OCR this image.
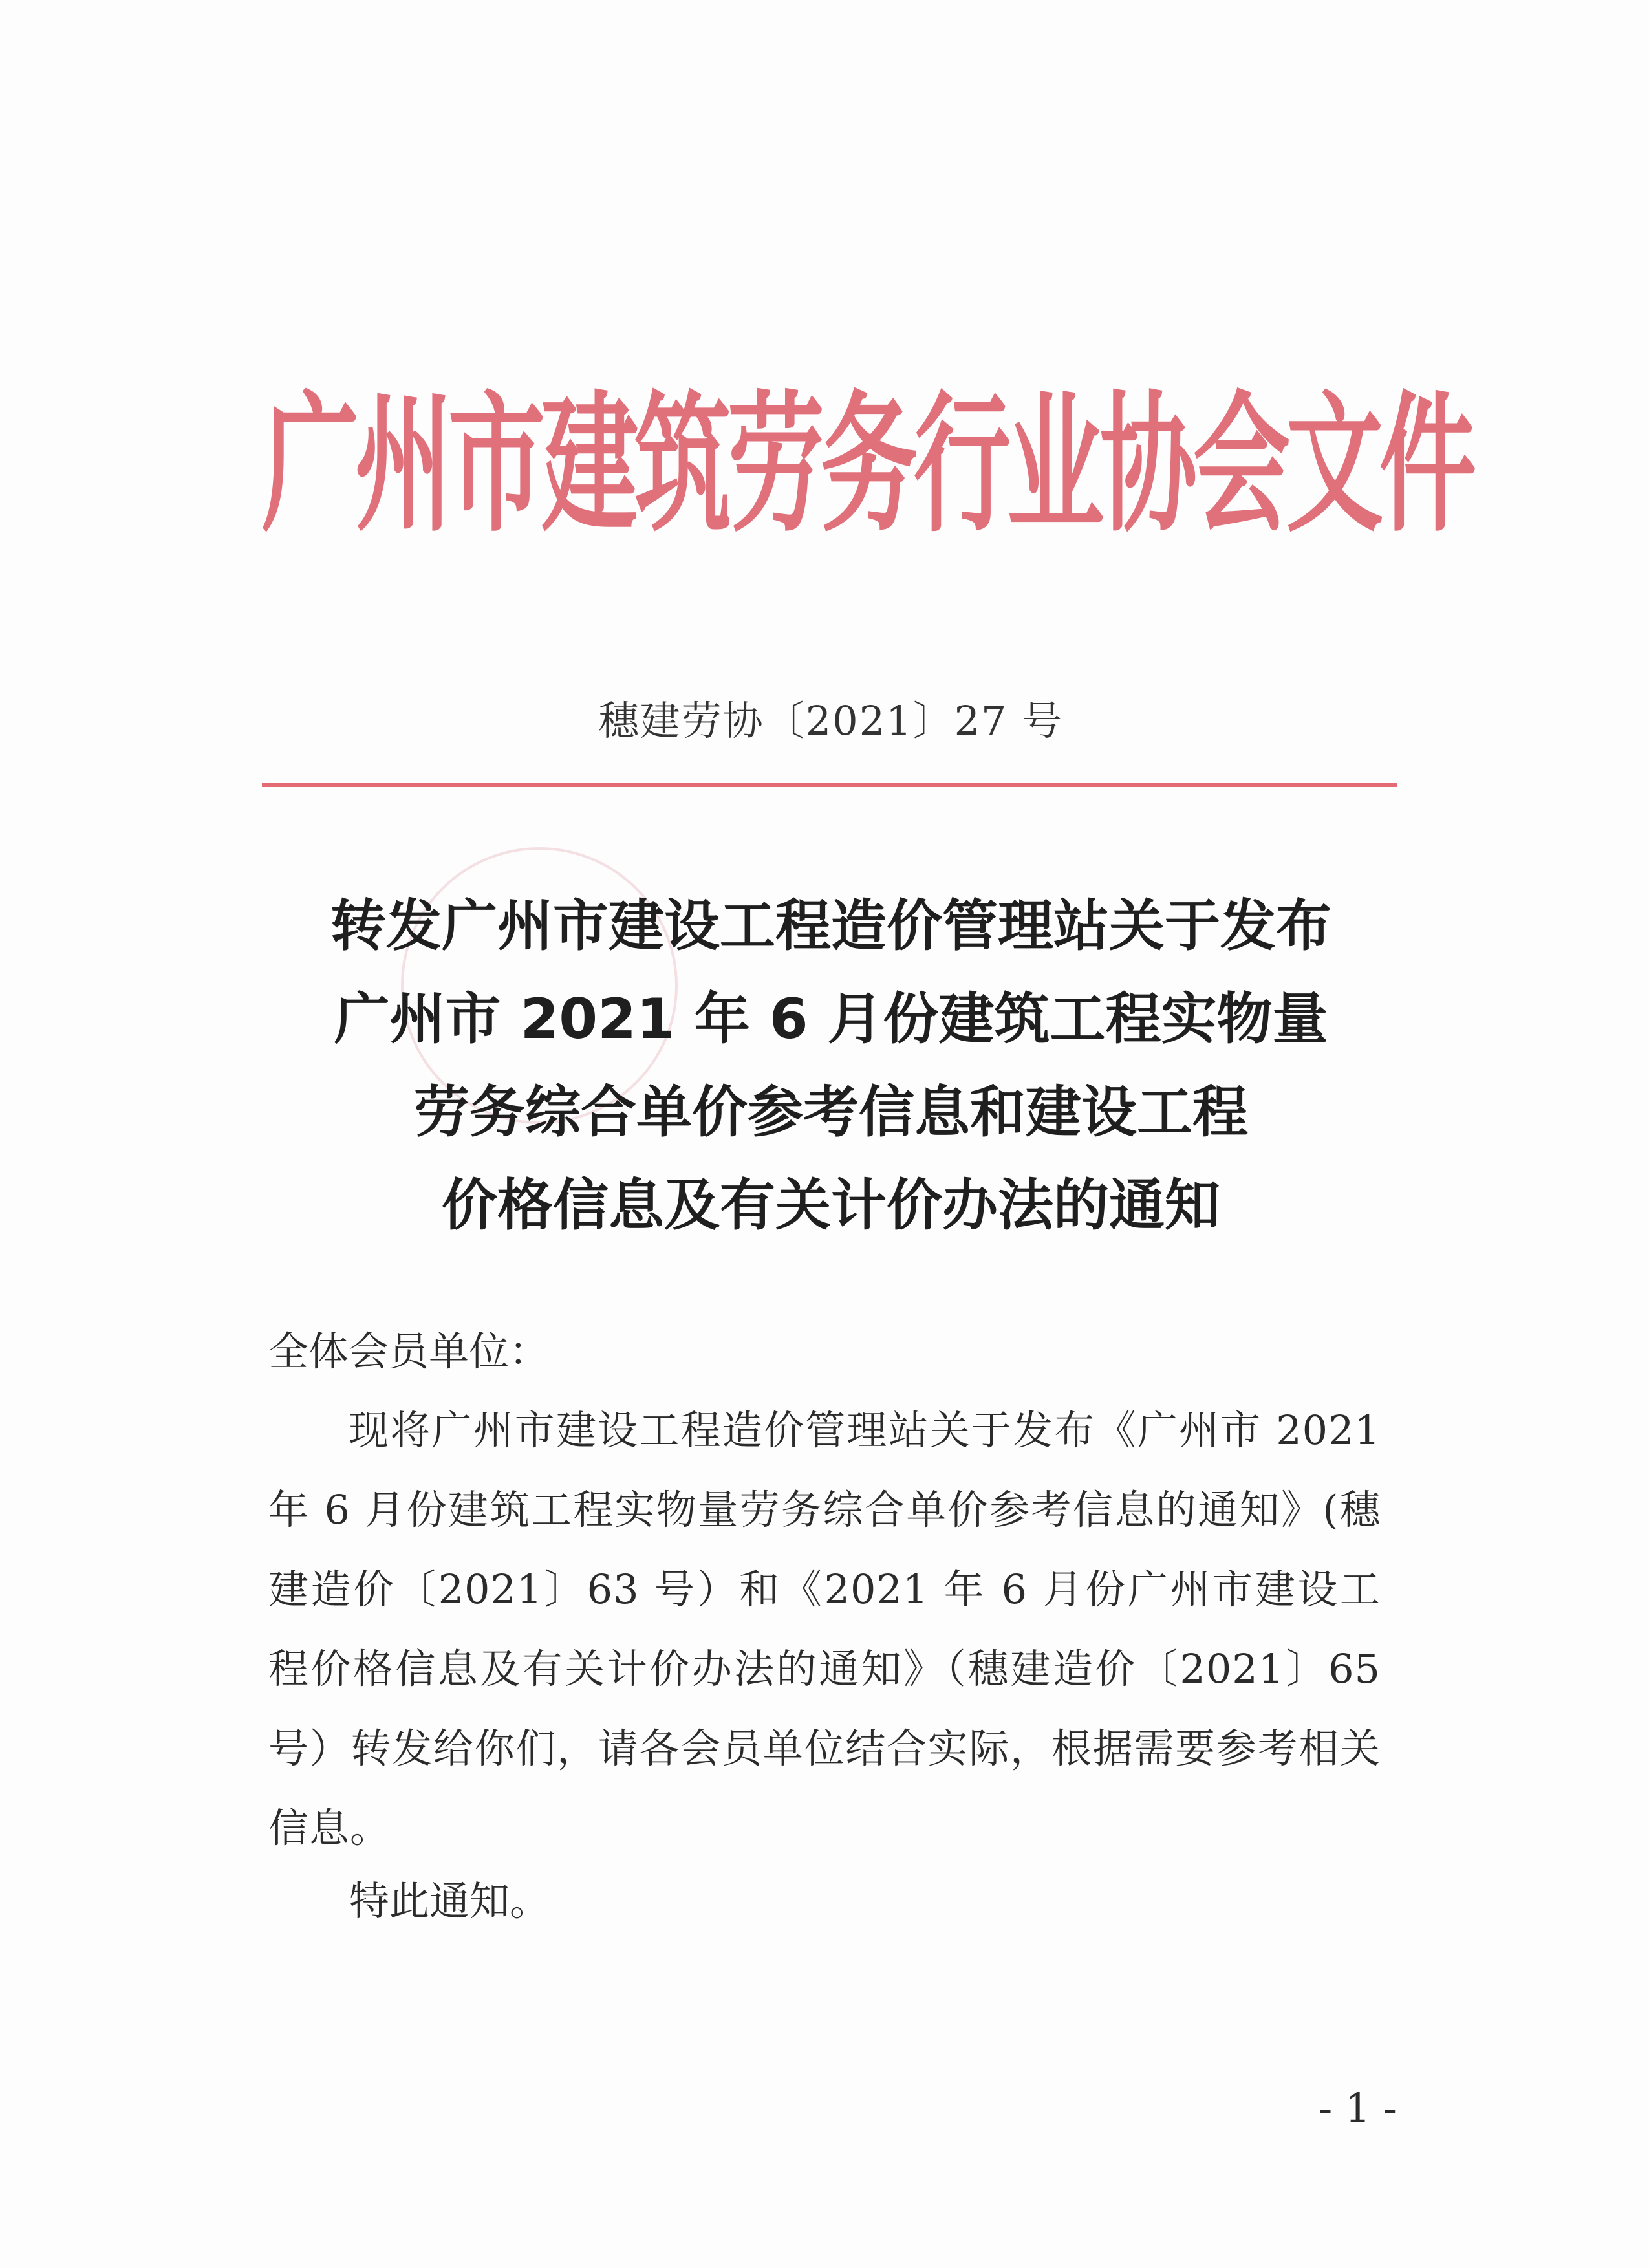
广州市建筑劳务行业协会文件
穗建劳协〔2021〕27 号
转发广州市建设工程造价管理站关于发布
广州市 2021 年 6 月份建筑工程实物量
劳务综合单价参考信息和建设工程
价格信息及有关计价办法的通知
全体会员单位：
现将广州市建设工程造价管理站关于发布《广州市 2021 年 6 月份建筑工程实物量劳务综合单价参考信息的通知》(穗建造价〔2021〕63 号）和《2021 年 6 月份广州市建设工程价格信息及有关计价办法的通知》（穗建造价〔2021〕65 号）转发给你们，请各会员单位结合实际，根据需要参考相关信息。
特此通知。
- 1 -
